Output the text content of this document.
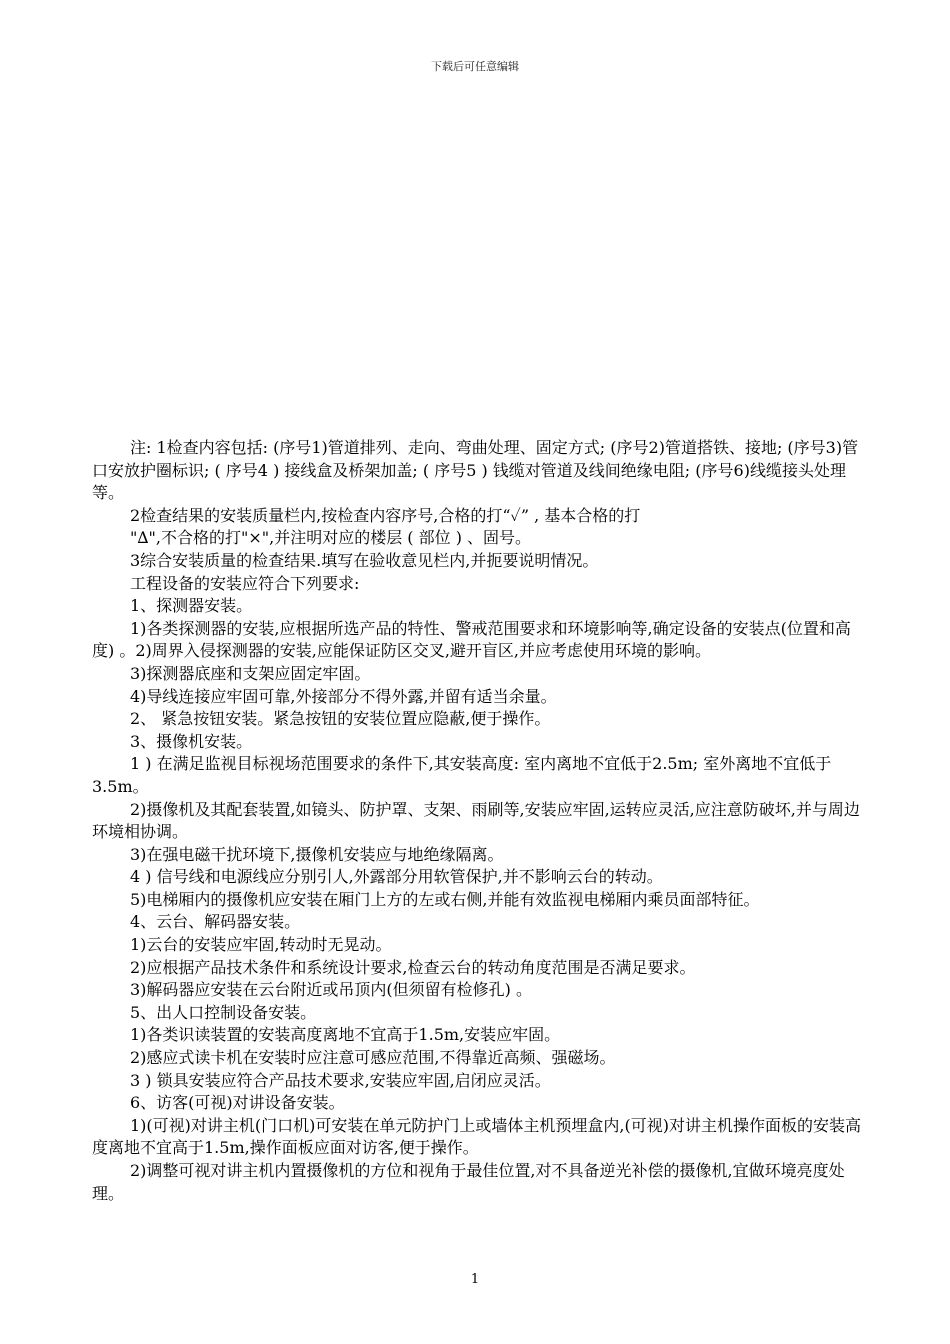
下载后可任意编辑

注: 1检查内容包括: (序号1)管道排列、走向、弯曲处理、固定方式; (序号2)管道搭铁、接地; (序号3)管口安放护圈标识; ( 序号4 ) 接线盒及桥架加盖; ( 序号5 ) 钱缆对管道及线间绝缘电阻; (序号6)线缆接头处理等。

2检查结果的安装质量栏内,按检查内容序号,合格的打“✓” , 基本合格的打

"∆",不合格的打"×",并注明对应的楼层 ( 部位 ) 、固号。

3综合安装质量的检查结果.填写在验收意见栏内,并扼要说明情况。

工程设备的安装应符合下列要求:

1、探测器安装。

1)各类探测器的安装,应根据所选产品的特性、警戒范围要求和环境影响等,确定设备的安装点(位置和高度) 。2)周界入侵探测器的安装,应能保证防区交叉,避开盲区,并应考虑使用环境的影响。

3)探测器底座和支架应固定牢固。

4)导线连接应牢固可靠,外接部分不得外露,并留有适当余量。

2、 紧急按钮安装。紧急按钮的安装位置应隐蔽,便于操作。

3、摄像机安装。

1 ) 在满足监视目标视场范围要求的条件下,其安装高度: 室内离地不宜低于2.5m; 室外离地不宜低于3.5m。

2)摄像机及其配套装置,如镜头、防护罩、支架、雨刷等,安装应牢固,运转应灵活,应注意防破坏,并与周边环境相协调。

3)在强电磁干扰环境下,摄像机安装应与地绝缘隔离。

4 ) 信号线和电源线应分别引人,外露部分用软管保护,并不影响云台的转动。

5)电梯厢内的摄像机应安装在厢门上方的左或右侧,并能有效监视电梯厢内乘员面部特征。

4、云台、解码器安装。

1)云台的安装应牢固,转动时无晃动。

2)应根据产品技术条件和系统设计要求,检查云台的转动角度范围是否满足要求。

3)解码器应安装在云台附近或吊顶内(但须留有检修孔) 。

5、出人口控制设备安装。

1)各类识读装置的安装高度离地不宜高于1.5m,安装应牢固。

2)感应式读卡机在安装时应注意可感应范围,不得靠近高频、强磁场。

3 ) 锁具安装应符合产品技术要求,安装应牢固,启闭应灵活。

6、访客(可视)对讲设备安装。

1)(可视)对讲主机(门口机)可安装在单元防护门上或墙体主机预埋盒内,(可视)对讲主机操作面板的安装高度离地不宜高于1.5m,操作面板应面对访客,便于操作。

2)调整可视对讲主机内置摄像机的方位和视角于最佳位置,对不具备逆光补偿的摄像机,宜做环境亮度处理。

1
